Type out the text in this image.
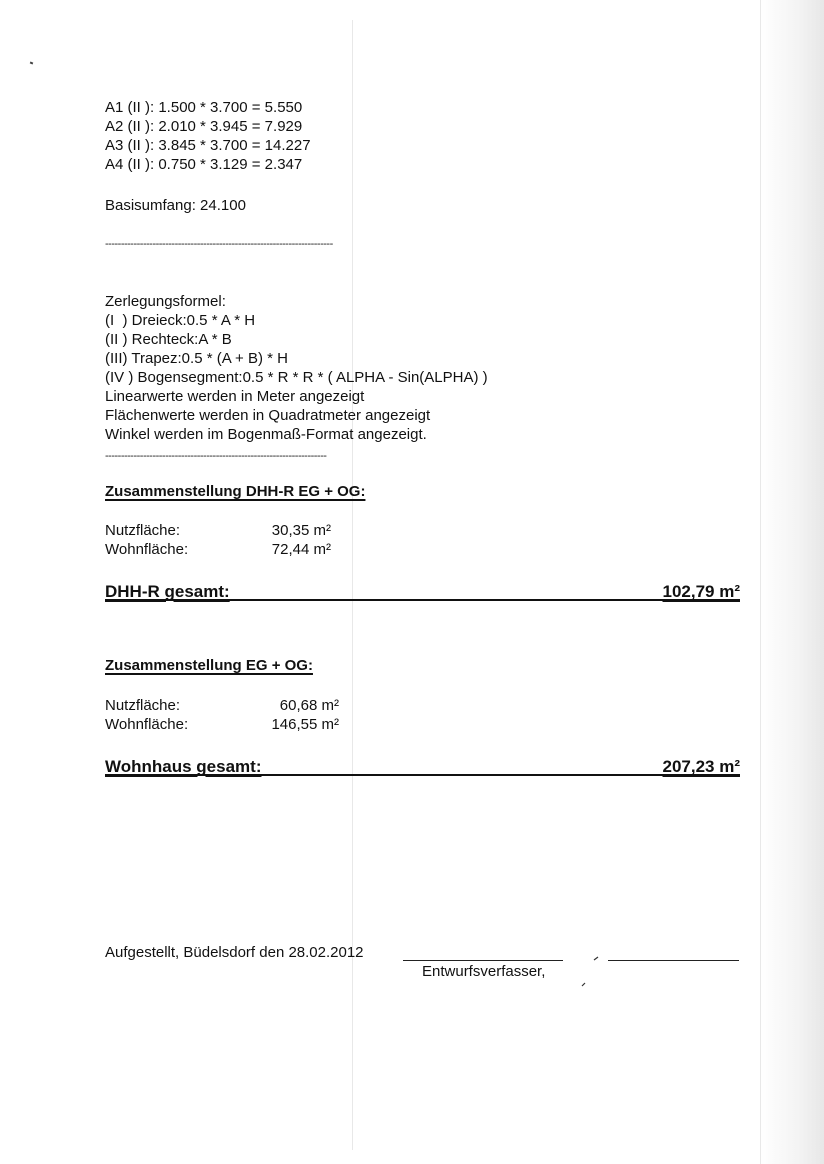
A1 (II ): 1.500 * 3.700 = 5.550
A2 (II ): 2.010 * 3.945 = 7.929
A3 (II ): 3.845 * 3.700 = 14.227
A4 (II ): 0.750 * 3.129 = 2.347
Basisumfang: 24.100
------------------------------------------------------------------------
Zerlegungsformel:
(I  ) Dreieck:0.5 * A * H
(II ) Rechteck:A * B
(III) Trapez:0.5 * (A + B) * H
(IV ) Bogensegment:0.5 * R * R * ( ALPHA - Sin(ALPHA) )
Linearwerte werden in Meter angezeigt
Flächenwerte werden in Quadratmeter angezeigt
Winkel werden im Bogenmaß-Format angezeigt.
----------------------------------------------------------------------
Zusammenstellung DHH-R EG + OG:
Nutzfläche:	30,35 m²
Wohnfläche:	72,44 m²
DHH-R gesamt:	102,79 m²
Zusammenstellung EG + OG:
Nutzfläche:	60,68 m²
Wohnfläche:	146,55 m²
Wohnhaus gesamt:	207,23 m²
Aufgestellt, Büdelsdorf den 28.02.2012
Entwurfsverfasser,
